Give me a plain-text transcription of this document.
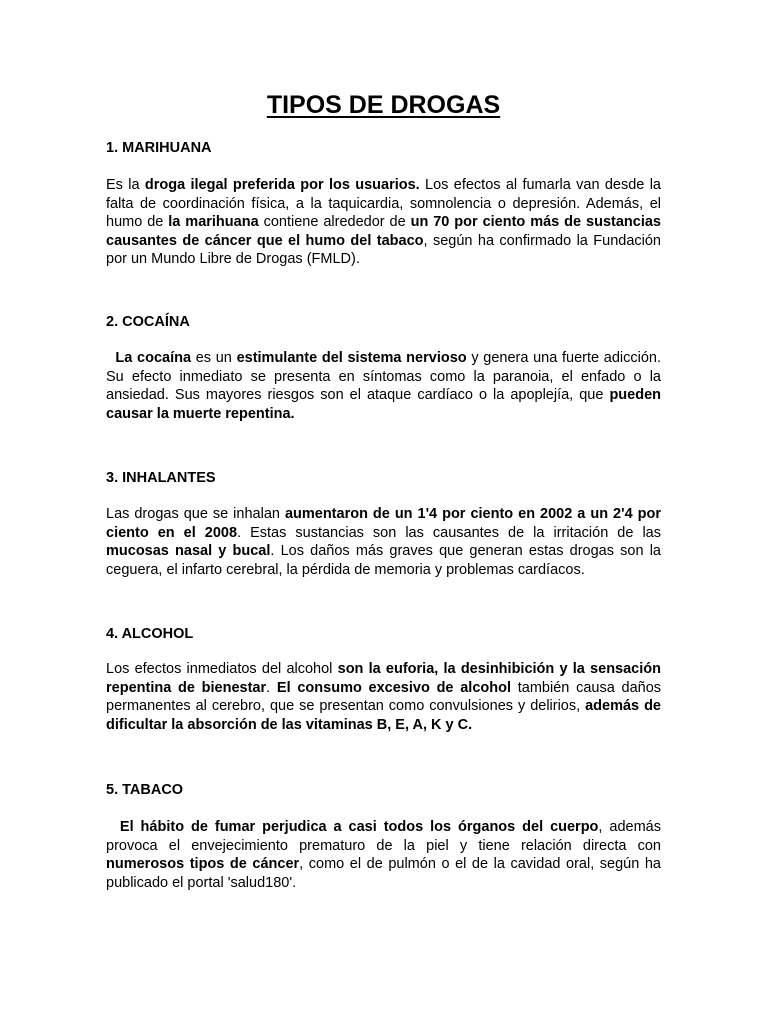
TIPOS DE DROGAS
1. MARIHUANA

Es la droga ilegal preferida por los usuarios. Los efectos al fumarla van desde la falta de coordinación física, a la taquicardia, somnolencia o depresión. Además, el humo de la marihuana contiene alrededor de un 70 por ciento más de sustancias causantes de cáncer que el humo del tabaco, según ha confirmado la Fundación por un Mundo Libre de Drogas (FMLD).

2. COCAÍNA

La cocaína es un estimulante del sistema nervioso y genera una fuerte adicción. Su efecto inmediato se presenta en síntomas como la paranoia, el enfado o la ansiedad. Sus mayores riesgos son el ataque cardíaco o la apoplejía, que pueden causar la muerte repentina.

3. INHALANTES

Las drogas que se inhalan aumentaron de un 1'4 por ciento en 2002 a un 2'4 por ciento en el 2008. Estas sustancias son las causantes de la irritación de las mucosas nasal y bucal. Los daños más graves que generan estas drogas son la ceguera, el infarto cerebral, la pérdida de memoria y problemas cardíacos.

4. ALCOHOL

Los efectos inmediatos del alcohol son la euforia, la desinhibición y la sensación repentina de bienestar. El consumo excesivo de alcohol también causa daños permanentes al cerebro, que se presentan como convulsiones y delirios, además de dificultar la absorción de las vitaminas B, E, A, K y C.

5. TABACO

El hábito de fumar perjudica a casi todos los órganos del cuerpo, además provoca el envejecimiento prematuro de la piel y tiene relación directa con numerosos tipos de cáncer, como el de pulmón o el de la cavidad oral, según ha publicado el portal 'salud180'.
